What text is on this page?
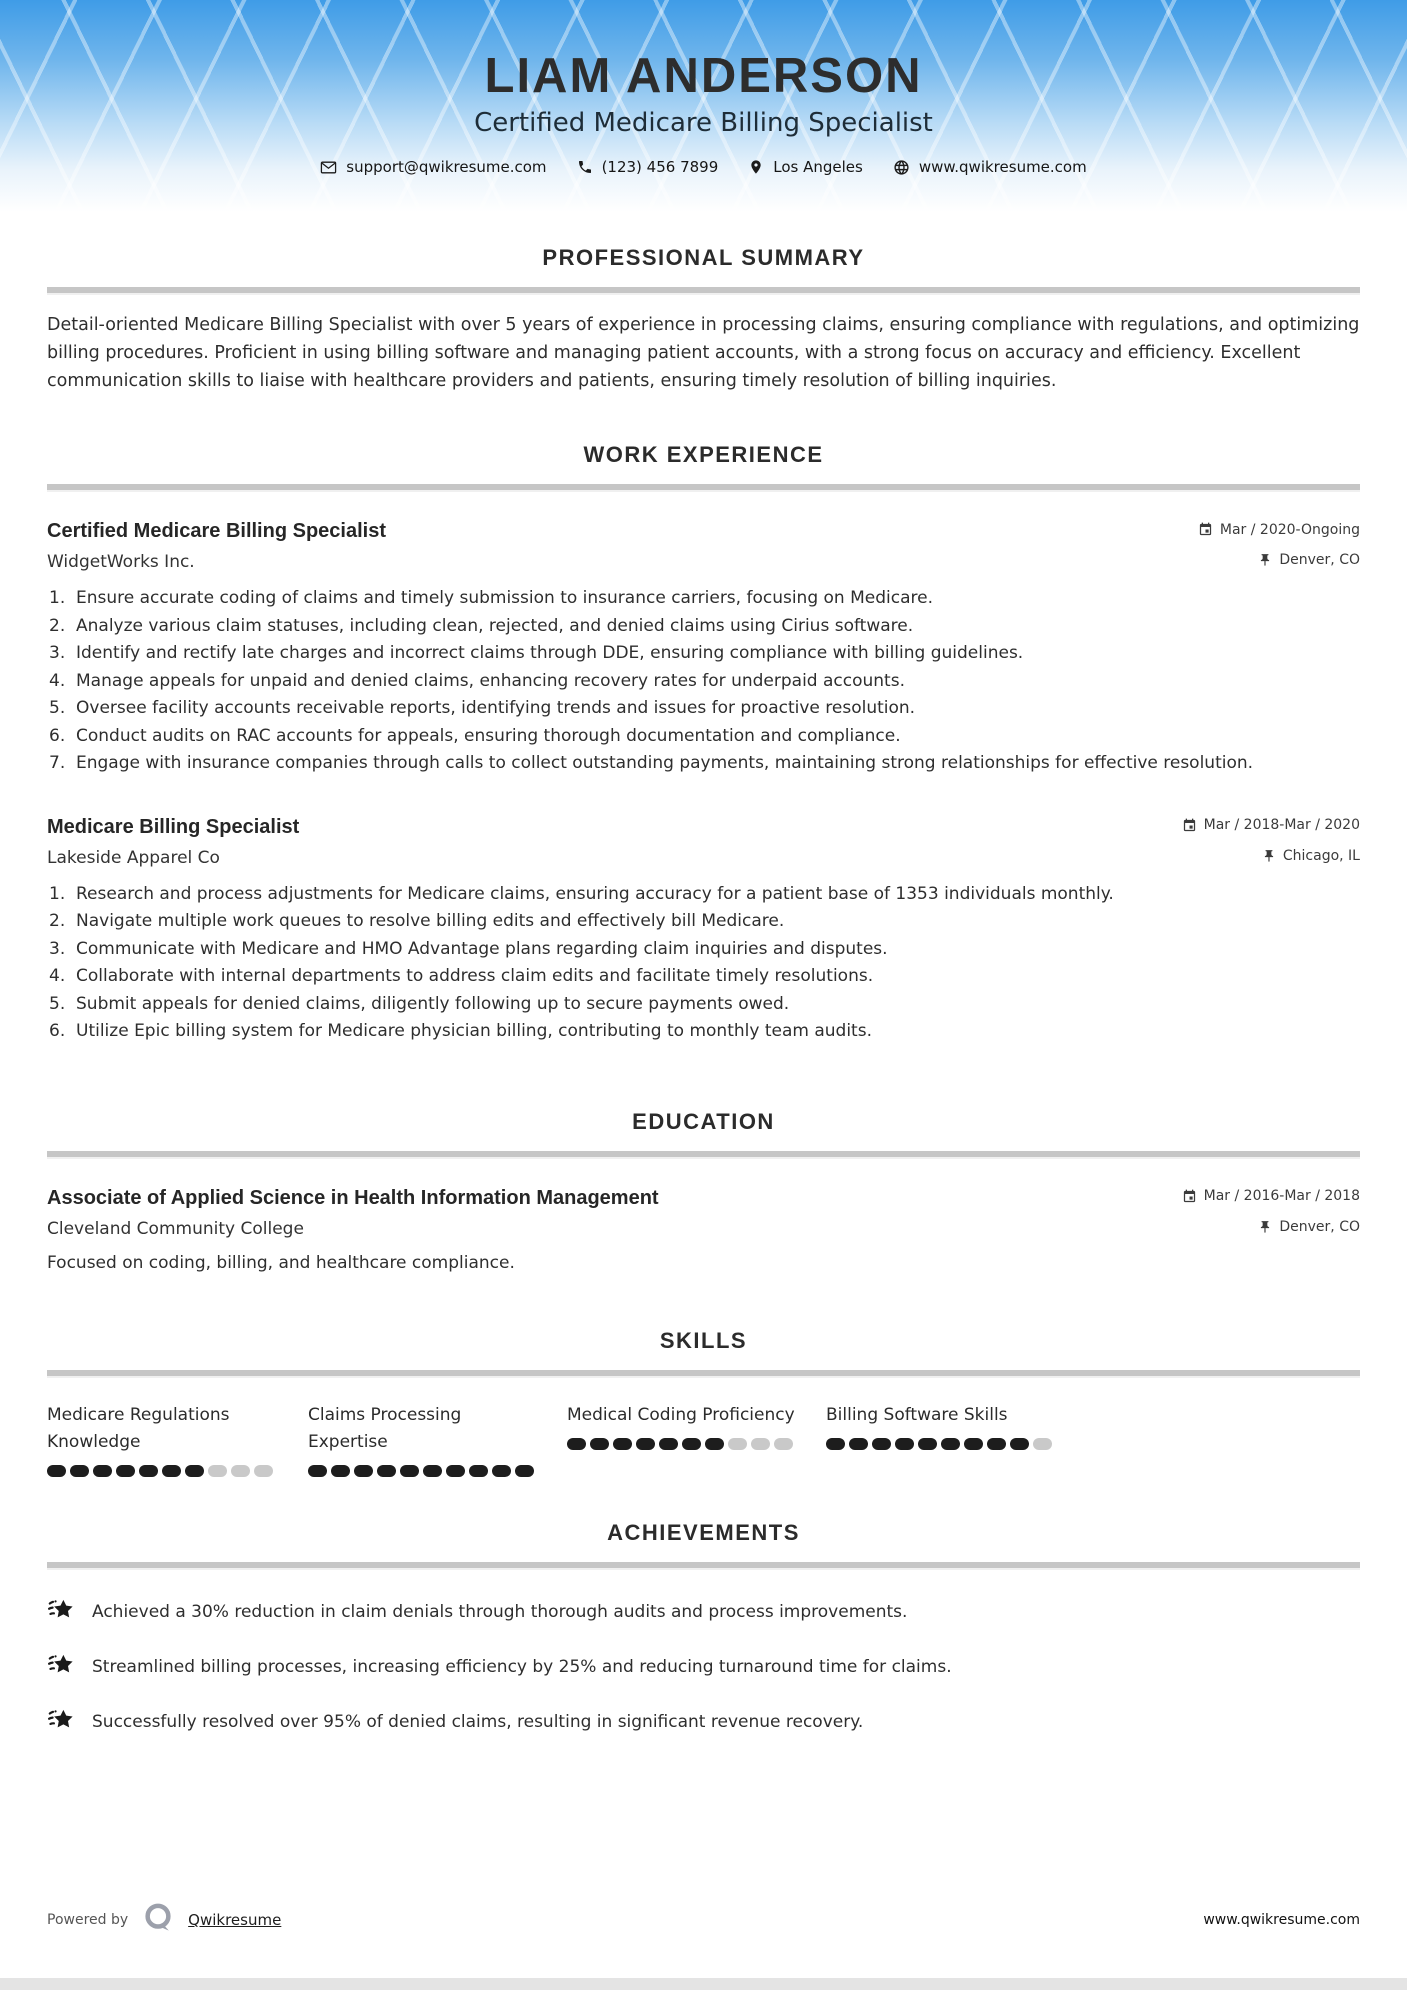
LIAM ANDERSON
Certified Medicare Billing Specialist
support@qwikresume.com	(123) 456 7899	Los Angeles	www.qwikresume.com
PROFESSIONAL SUMMARY

Detail-oriented Medicare Billing Specialist with over 5 years of experience in processing claims, ensuring compliance with regulations, and optimizing billing procedures. Proficient in using billing software and managing patient accounts, with a strong focus on accuracy and efficiency. Excellent communication skills to liaise with healthcare providers and patients, ensuring timely resolution of billing inquiries.

WORK EXPERIENCE
Certified Medicare Billing Specialist	Mar / 2020-Ongoing
WidgetWorks Inc.	Denver, CO
Ensure accurate coding of claims and timely submission to insurance carriers, focusing on Medicare.
Analyze various claim statuses, including clean, rejected, and denied claims using Cirius software.
Identify and rectify late charges and incorrect claims through DDE, ensuring compliance with billing guidelines.
Manage appeals for unpaid and denied claims, enhancing recovery rates for underpaid accounts.
Oversee facility accounts receivable reports, identifying trends and issues for proactive resolution.
Conduct audits on RAC accounts for appeals, ensuring thorough documentation and compliance.
Engage with insurance companies through calls to collect outstanding payments, maintaining strong relationships for effective resolution.
Medicare Billing Specialist	Mar / 2018-Mar / 2020
Lakeside Apparel Co	Chicago, IL
Research and process adjustments for Medicare claims, ensuring accuracy for a patient base of 1353 individuals monthly.
Navigate multiple work queues to resolve billing edits and effectively bill Medicare.
Communicate with Medicare and HMO Advantage plans regarding claim inquiries and disputes.
Collaborate with internal departments to address claim edits and facilitate timely resolutions.
Submit appeals for denied claims, diligently following up to secure payments owed.
Utilize Epic billing system for Medicare physician billing, contributing to monthly team audits.
EDUCATION
Associate of Applied Science in Health Information Management	Mar / 2016-Mar / 2018
Cleveland Community College	Denver, CO
Focused on coding, billing, and healthcare compliance.
SKILLS
Medicare Regulations Knowledge
Claims Processing Expertise
Medical Coding Proficiency	Billing Software Skills
ACHIEVEMENTS
Achieved a 30% reduction in claim denials through thorough audits and process improvements.
Streamlined billing processes, increasing efficiency by 25% and reducing turnaround time for claims.
Successfully resolved over 95% of denied claims, resulting in significant revenue recovery.
Powered by	Qwikresume	www.qwikresume.com
